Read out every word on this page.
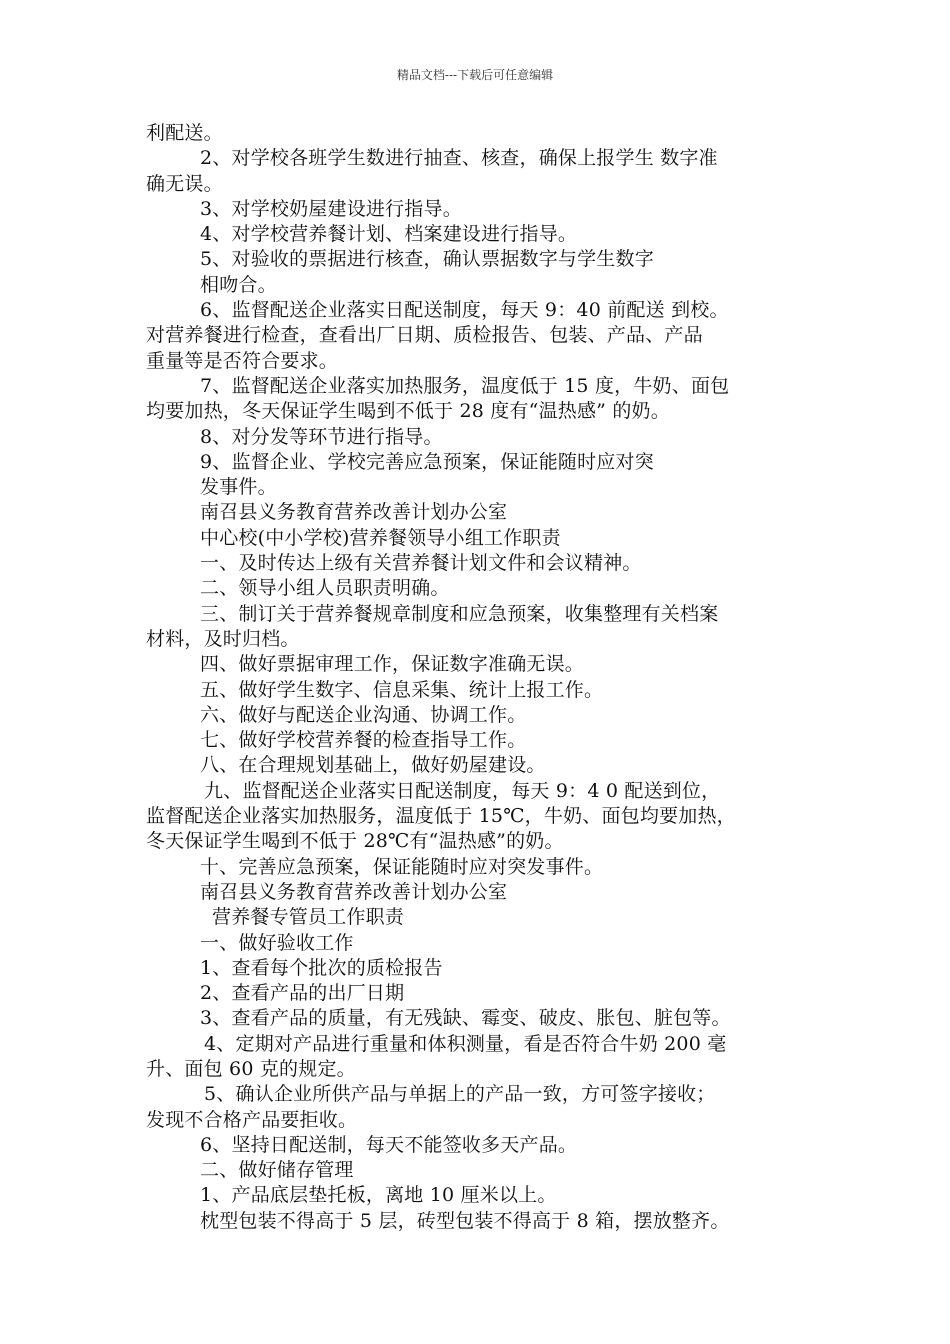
精品文档---下载后可任意编辑
利配送。
2、对学校各班学生数进行抽查、核查，确保上报学生 数字准
确无误。
3、对学校奶屋建设进行指导。
4、对学校营养餐计划、档案建设进行指导。
5、对验收的票据进行核查，确认票据数字与学生数字
相吻合。
6、监督配送企业落实日配送制度，每天 9：40 前配送 到校。
对营养餐进行检查，查看出厂日期、质检报告、包装、产品、产品
重量等是否符合要求。
7、监督配送企业落实加热服务，温度低于 15 度，牛奶、面包
均要加热，冬天保证学生喝到不低于 28 度有“温热感” 的奶。
8、对分发等环节进行指导。
9、监督企业、学校完善应急预案，保证能随时应对突
发事件。
南召县义务教育营养改善计划办公室
中心校(中小学校)营养餐领导小组工作职责
一、及时传达上级有关营养餐计划文件和会议精神。
二、领导小组人员职责明确。
三、制订关于营养餐规章制度和应急预案，收集整理有关档案
材料，及时归档。
四、做好票据审理工作，保证数字准确无误。
五、做好学生数字、信息采集、统计上报工作。
六、做好与配送企业沟通、协调工作。
七、做好学校营养餐的检查指导工作。
八、在合理规划基础上，做好奶屋建设。
九、监督配送企业落实日配送制度，每天 9：4 0 配送到位，
监督配送企业落实加热服务，温度低于 15℃，牛奶、面包均要加热，
冬天保证学生喝到不低于 28℃有“温热感”的奶。
十、完善应急预案，保证能随时应对突发事件。
南召县义务教育营养改善计划办公室
营养餐专管员工作职责
一、做好验收工作
1、查看每个批次的质检报告
2、查看产品的出厂日期
3、查看产品的质量，有无残缺、霉变、破皮、胀包、脏包等。
4、定期对产品进行重量和体积测量，看是否符合牛奶 200 毫
升、面包 60 克的规定。
5、确认企业所供产品与单据上的产品一致，方可签字接收；
发现不合格产品要拒收。
6、坚持日配送制，每天不能签收多天产品。
二、做好储存管理
1、产品底层垫托板，离地 10 厘米以上。
枕型包装不得高于 5 层，砖型包装不得高于 8 箱，摆放整齐。
